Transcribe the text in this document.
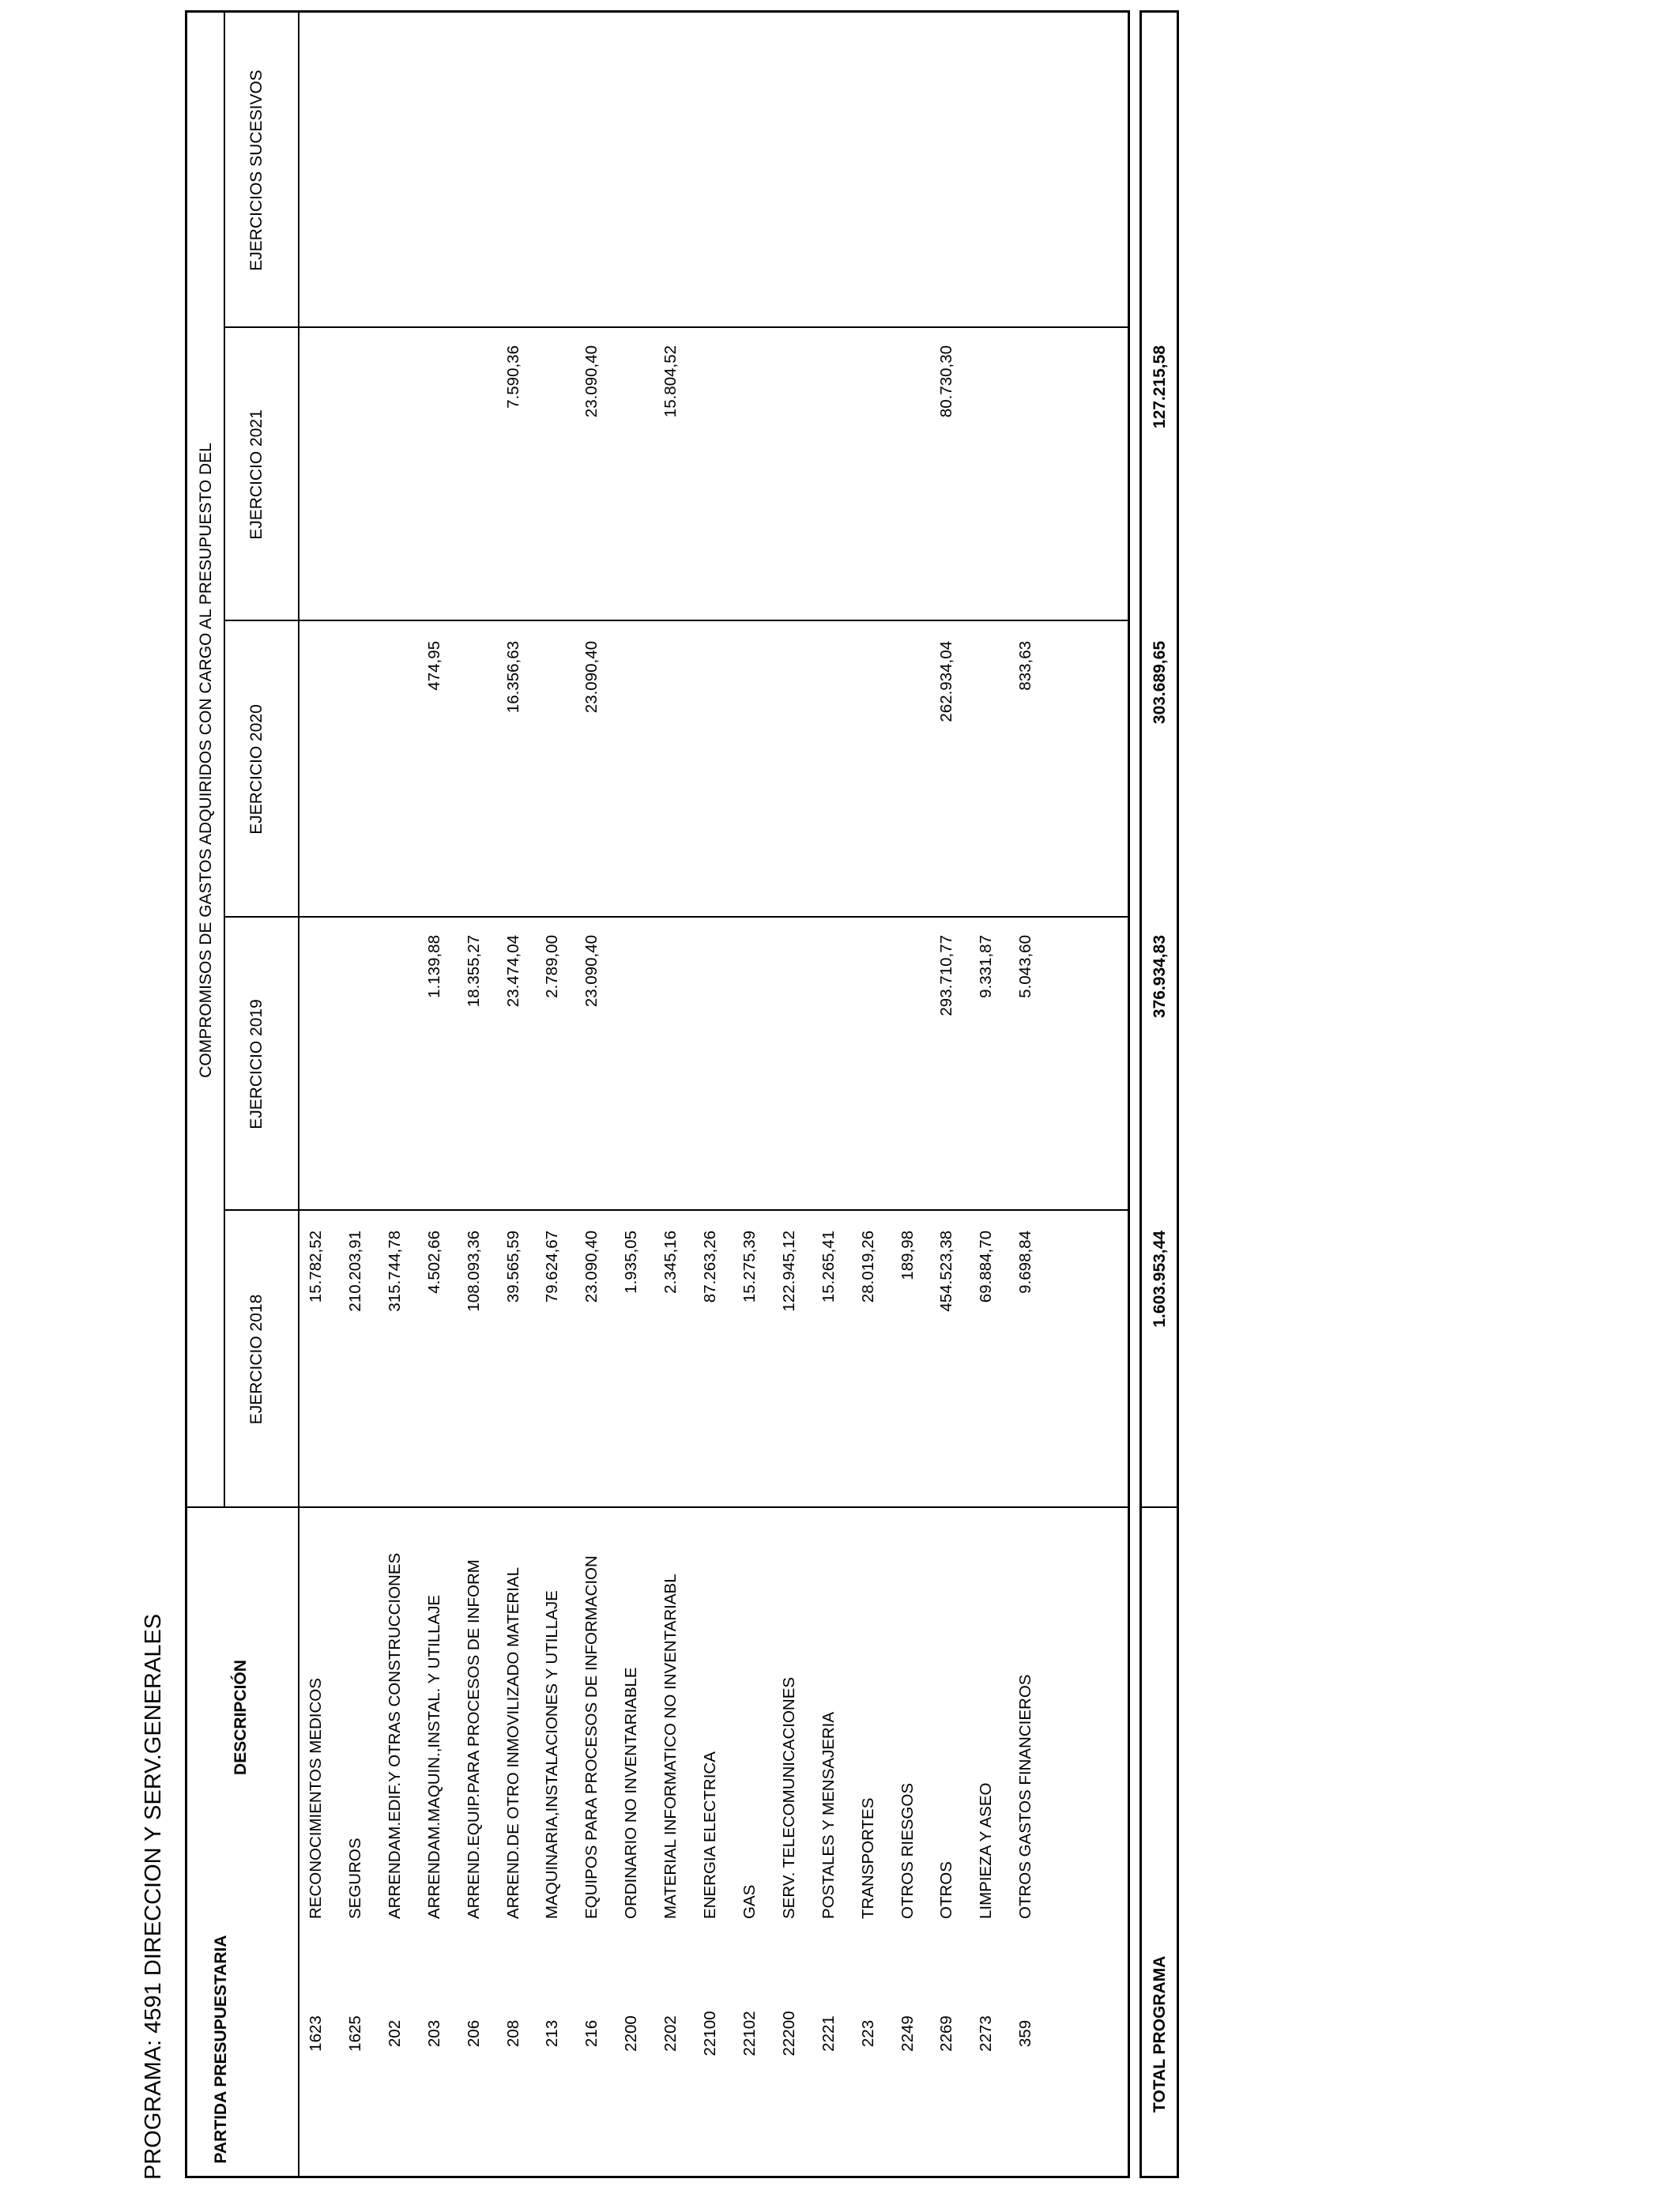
PROGRAMA: 4591 DIRECCION Y SERV.GENERALES	PARTIDA PRESUPUESTARIA
DESCRIPCIÓN
COMPROMISOS DE GASTOS ADQUIRIDOS CON CARGO AL PRESUPUESTO DEL
EJERCICIO 2018
EJERCICIO 2019
EJERCICIO 2020
EJERCICIO 2021
EJERCICIOS SUCESIVOS
1623
RECONOCIMIENTOS MEDICOS
15.782,52
1625
SEGUROS
210.203,91
202
ARRENDAM.EDIF.Y OTRAS CONSTRUCCIONES
315.744,78
203
ARRENDAM.MAQUIN.,INSTAL. Y UTILLAJE
4.502,66
1.139,88
474,95
206
ARREND.EQUIP.PARA PROCESOS DE INFORM
108.093,36
18.355,27
208
ARREND.DE OTRO INMOVILIZADO MATERIAL
39.565,59
23.474,04
16.356,63
7.590,36
213
MAQUINARIA,INSTALACIONES Y UTILLAJE
79.624,67
2.789,00
216
EQUIPOS PARA PROCESOS DE INFORMACION
23.090,40
23.090,40
23.090,40
23.090,40
2200
ORDINARIO NO INVENTARIABLE
1.935,05
2202
MATERIAL INFORMATICO NO INVENTARIABL
2.345,16
15.804,52
22100
ENERGIA ELECTRICA
87.263,26
22102
GAS
15.275,39
22200
SERV. TELECOMUNICACIONES
122.945,12
2221
POSTALES Y MENSAJERIA
15.265,41
223
TRANSPORTES
28.019,26
2249
OTROS RIESGOS
189,98
2269
OTROS
454.523,38
293.710,77
262.934,04
80.730,30
2273
LIMPIEZA Y ASEO
69.884,70
9.331,87
359
OTROS GASTOS FINANCIEROS
9.698,84
5.043,60
833,63
TOTAL PROGRAMA
1.603.953,44
376.934,83
303.689,65
127.215,58
